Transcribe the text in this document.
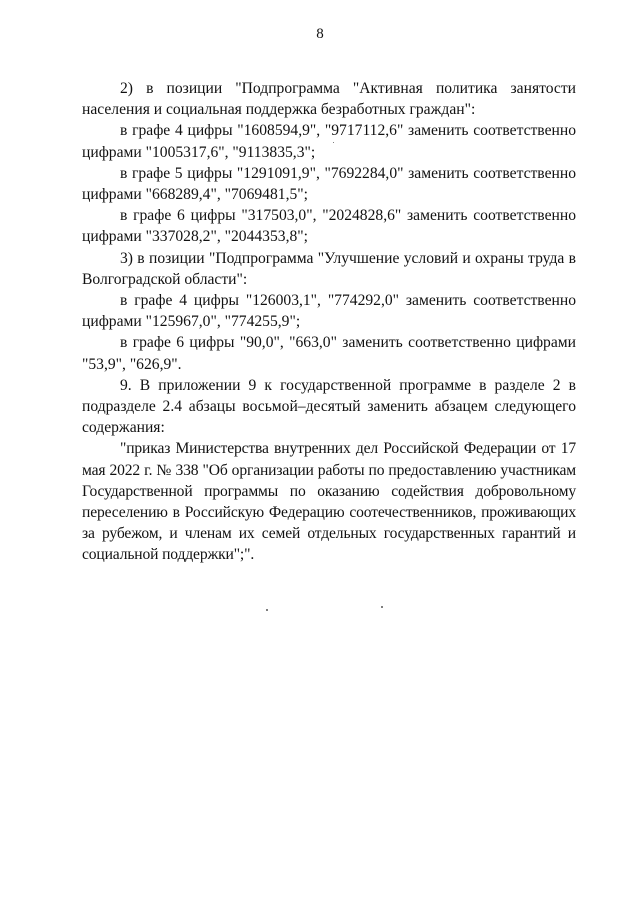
8

2) в позиции "Подпрограмма "Активная политика занятости населения и социальная поддержка безработных граждан":

в графе 4 цифры "1608594,9", "9717112,6" заменить соответственно цифрами "1005317,6", "9113835,3";

в графе 5 цифры "1291091,9", "7692284,0" заменить соответственно цифрами "668289,4", "7069481,5";

в графе 6 цифры "317503,0", "2024828,6" заменить соответственно цифрами "337028,2", "2044353,8";

3) в позиции "Подпрограмма "Улучшение условий и охраны труда в Волгоградской области":

в графе 4 цифры "126003,1", "774292,0" заменить соответственно цифрами "125967,0", "774255,9";

в графе 6 цифры "90,0", "663,0" заменить соответственно цифрами "53,9", "626,9".

9. В приложении 9 к государственной программе в разделе 2 в подразделе 2.4 абзацы восьмой–десятый заменить абзацем следующего содержания:

"приказ Министерства внутренних дел Российской Федерации от 17 мая 2022 г. № 338 "Об организации работы по предоставлению участникам Государственной программы по оказанию содействия добровольному переселению в Российскую Федерацию соотечественников, проживающих за рубежом, и членам их семей отдельных государственных гарантий и социальной поддержки";".
